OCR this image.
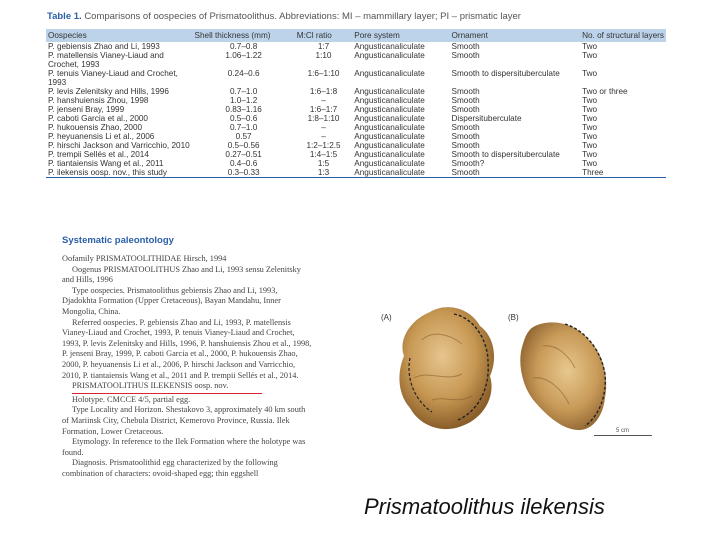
Table 1. Comparisons of oospecies of Prismatoolithus. Abbreviations: MI – mammillary layer; PI – prismatic layer
Oospecies	Shell thickness (mm)	M:Cl ratio	Pore system	Ornament	No. of structural layers
P. gebiensis Zhao and Li, 1993	0.7–0.8	1:7	Angusticanaliculate	Smooth	Two
P. matellensis Vianey-Liaud and Crochet, 1993	1.06–1.22	1:10	Angusticanaliculate	Smooth	Two
P. tenuis Vianey-Liaud and Crochet, 1993	0.24–0.6	1:6–1:10	Angusticanaliculate	Smooth to dispersituberculate	Two
P. levis Zelenitsky and Hills, 1996	0.7–1.0	1:6–1:8	Angusticanaliculate	Smooth	Two or three
P. hanshuiensis Zhou, 1998	1.0–1.2	–	Angusticanaliculate	Smooth	Two
P. jenseni Bray, 1999	0.83–1.16	1:6–1:7	Angusticanaliculate	Smooth	Two
P. caboti Garcia et al., 2000	0.5–0.6	1:8–1:10	Angusticanaliculate	Dispersituberculate	Two
P. hukouensis Zhao, 2000	0.7–1.0	–	Angusticanaliculate	Smooth	Two
P. heyuanensis Li et al., 2006	0.57	–	Angusticanaliculate	Smooth	Two
P. hirschi Jackson and Varricchio, 2010	0.5–0.56	1:2–1:2.5	Angusticanaliculate	Smooth	Two
P. trempii Sellés et al., 2014	0.27–0.51	1:4–1:5	Angusticanaliculate	Smooth to dispersituberculate	Two
P. tiantaiensis Wang et al., 2011	0.4–0.6	1:5	Angusticanaliculate	Smooth?	Two
P. ilekensis oosp. nov., this study	0.3–0.33	1:3	Angusticanaliculate	Smooth	Three
Systematic paleontology

Oofamily PRISMATOOLITHIDAE Hirsch, 1994

Oogenus PRISMATOOLITHUS Zhao and Li, 1993 sensu Zelenitsky and Hills, 1996

Type oospecies. Prismatoolithus gebiensis Zhao and Li, 1993, Djadokhta Formation (Upper Cretaceous), Bayan Mandahu, Inner Mongolia, China.

Referred oospecies. P. gebiensis Zhao and Li, 1993, P. matellensis Vianey-Liaud and Crochet, 1993, P. tenuis Vianey-Liaud and Crochet, 1993, P. levis Zelenitsky and Hills, 1996, P. hanshuiensis Zhou et al., 1998, P. jenseni Bray, 1999, P. caboti Garcia et al., 2000, P. hukouensis Zhao, 2000, P. heyuanensis Li et al., 2006, P. hirschi Jackson and Varricchio, 2010, P. tiantaiensis Wang et al., 2011 and P. trempii Sellés et al., 2014.

PRISMATOOLITHUS ILEKENSIS oosp. nov.

Holotype. CMCCE 4/5, partial egg.

Type Locality and Horizon. Shestakovo 3, approximately 40 km south of Mariinsk City, Chebula District, Kemerovo Province, Russia. Ilek Formation, Lower Cretaceous.

Etymology. In reference to the Ilek Formation where the holotype was found.

Diagnosis. Prismatoolithid egg characterized by the following combination of characters: ovoid-shaped egg; thin eggshell

(A)	(B)
5 cm
Prismatoolithus ilekensis
